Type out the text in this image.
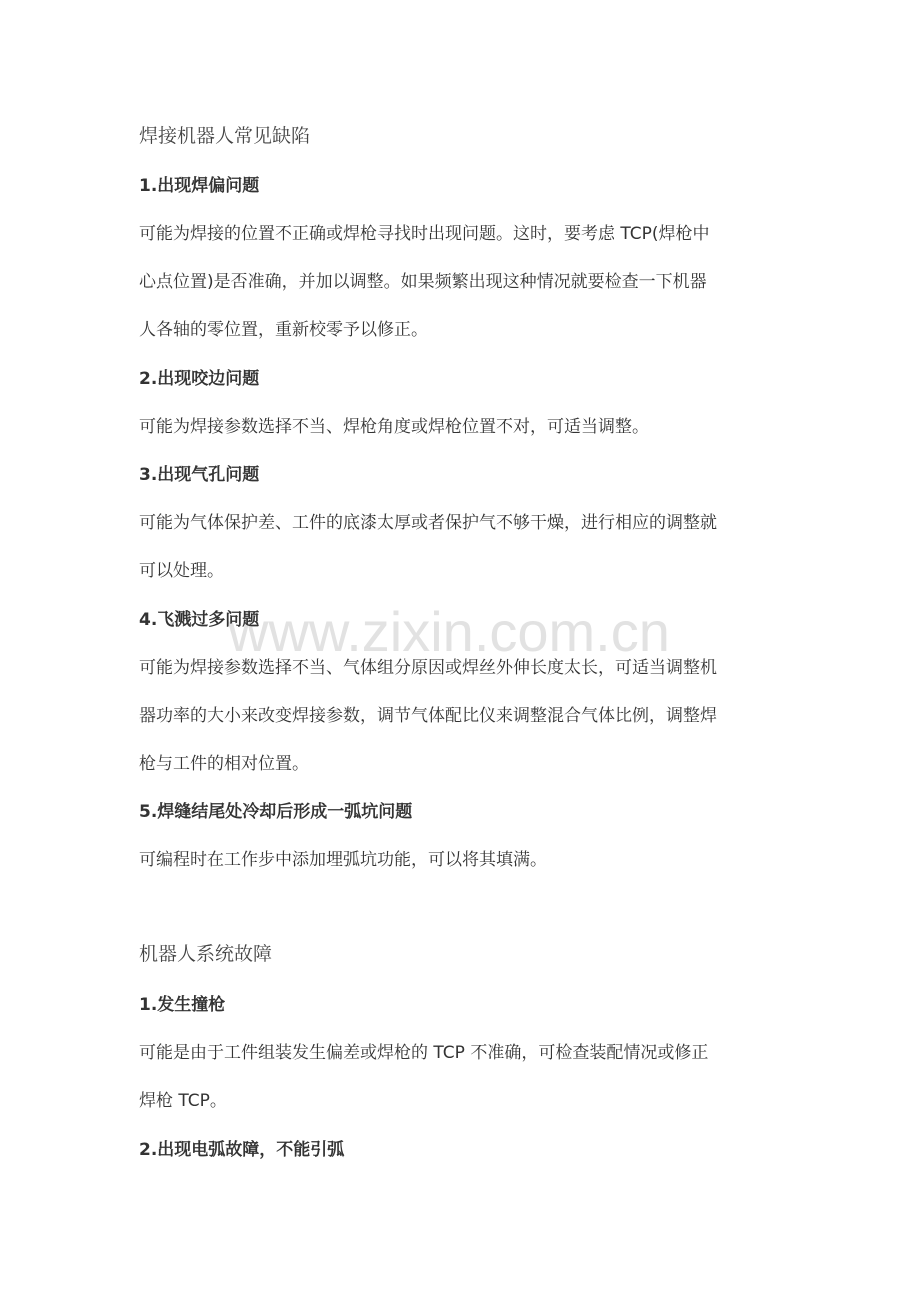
www.zixin.com.cn
焊接机器人常见缺陷
1.出现焊偏问题
可能为焊接的位置不正确或焊枪寻找时出现问题。这时，要考虑 TCP(焊枪中
心点位置)是否准确，并加以调整。如果频繁出现这种情况就要检查一下机器
人各轴的零位置，重新校零予以修正。
2.出现咬边问题
可能为焊接参数选择不当、焊枪角度或焊枪位置不对，可适当调整。
3.出现气孔问题
可能为气体保护差、工件的底漆太厚或者保护气不够干燥，进行相应的调整就
可以处理。
4.飞溅过多问题
可能为焊接参数选择不当、气体组分原因或焊丝外伸长度太长，可适当调整机
器功率的大小来改变焊接参数，调节气体配比仪来调整混合气体比例，调整焊
枪与工件的相对位置。
5.焊缝结尾处冷却后形成一弧坑问题
可编程时在工作步中添加埋弧坑功能，可以将其填满。
机器人系统故障
1.发生撞枪
可能是由于工件组装发生偏差或焊枪的 TCP 不准确，可检查装配情况或修正
焊枪 TCP。
2.出现电弧故障，不能引弧
